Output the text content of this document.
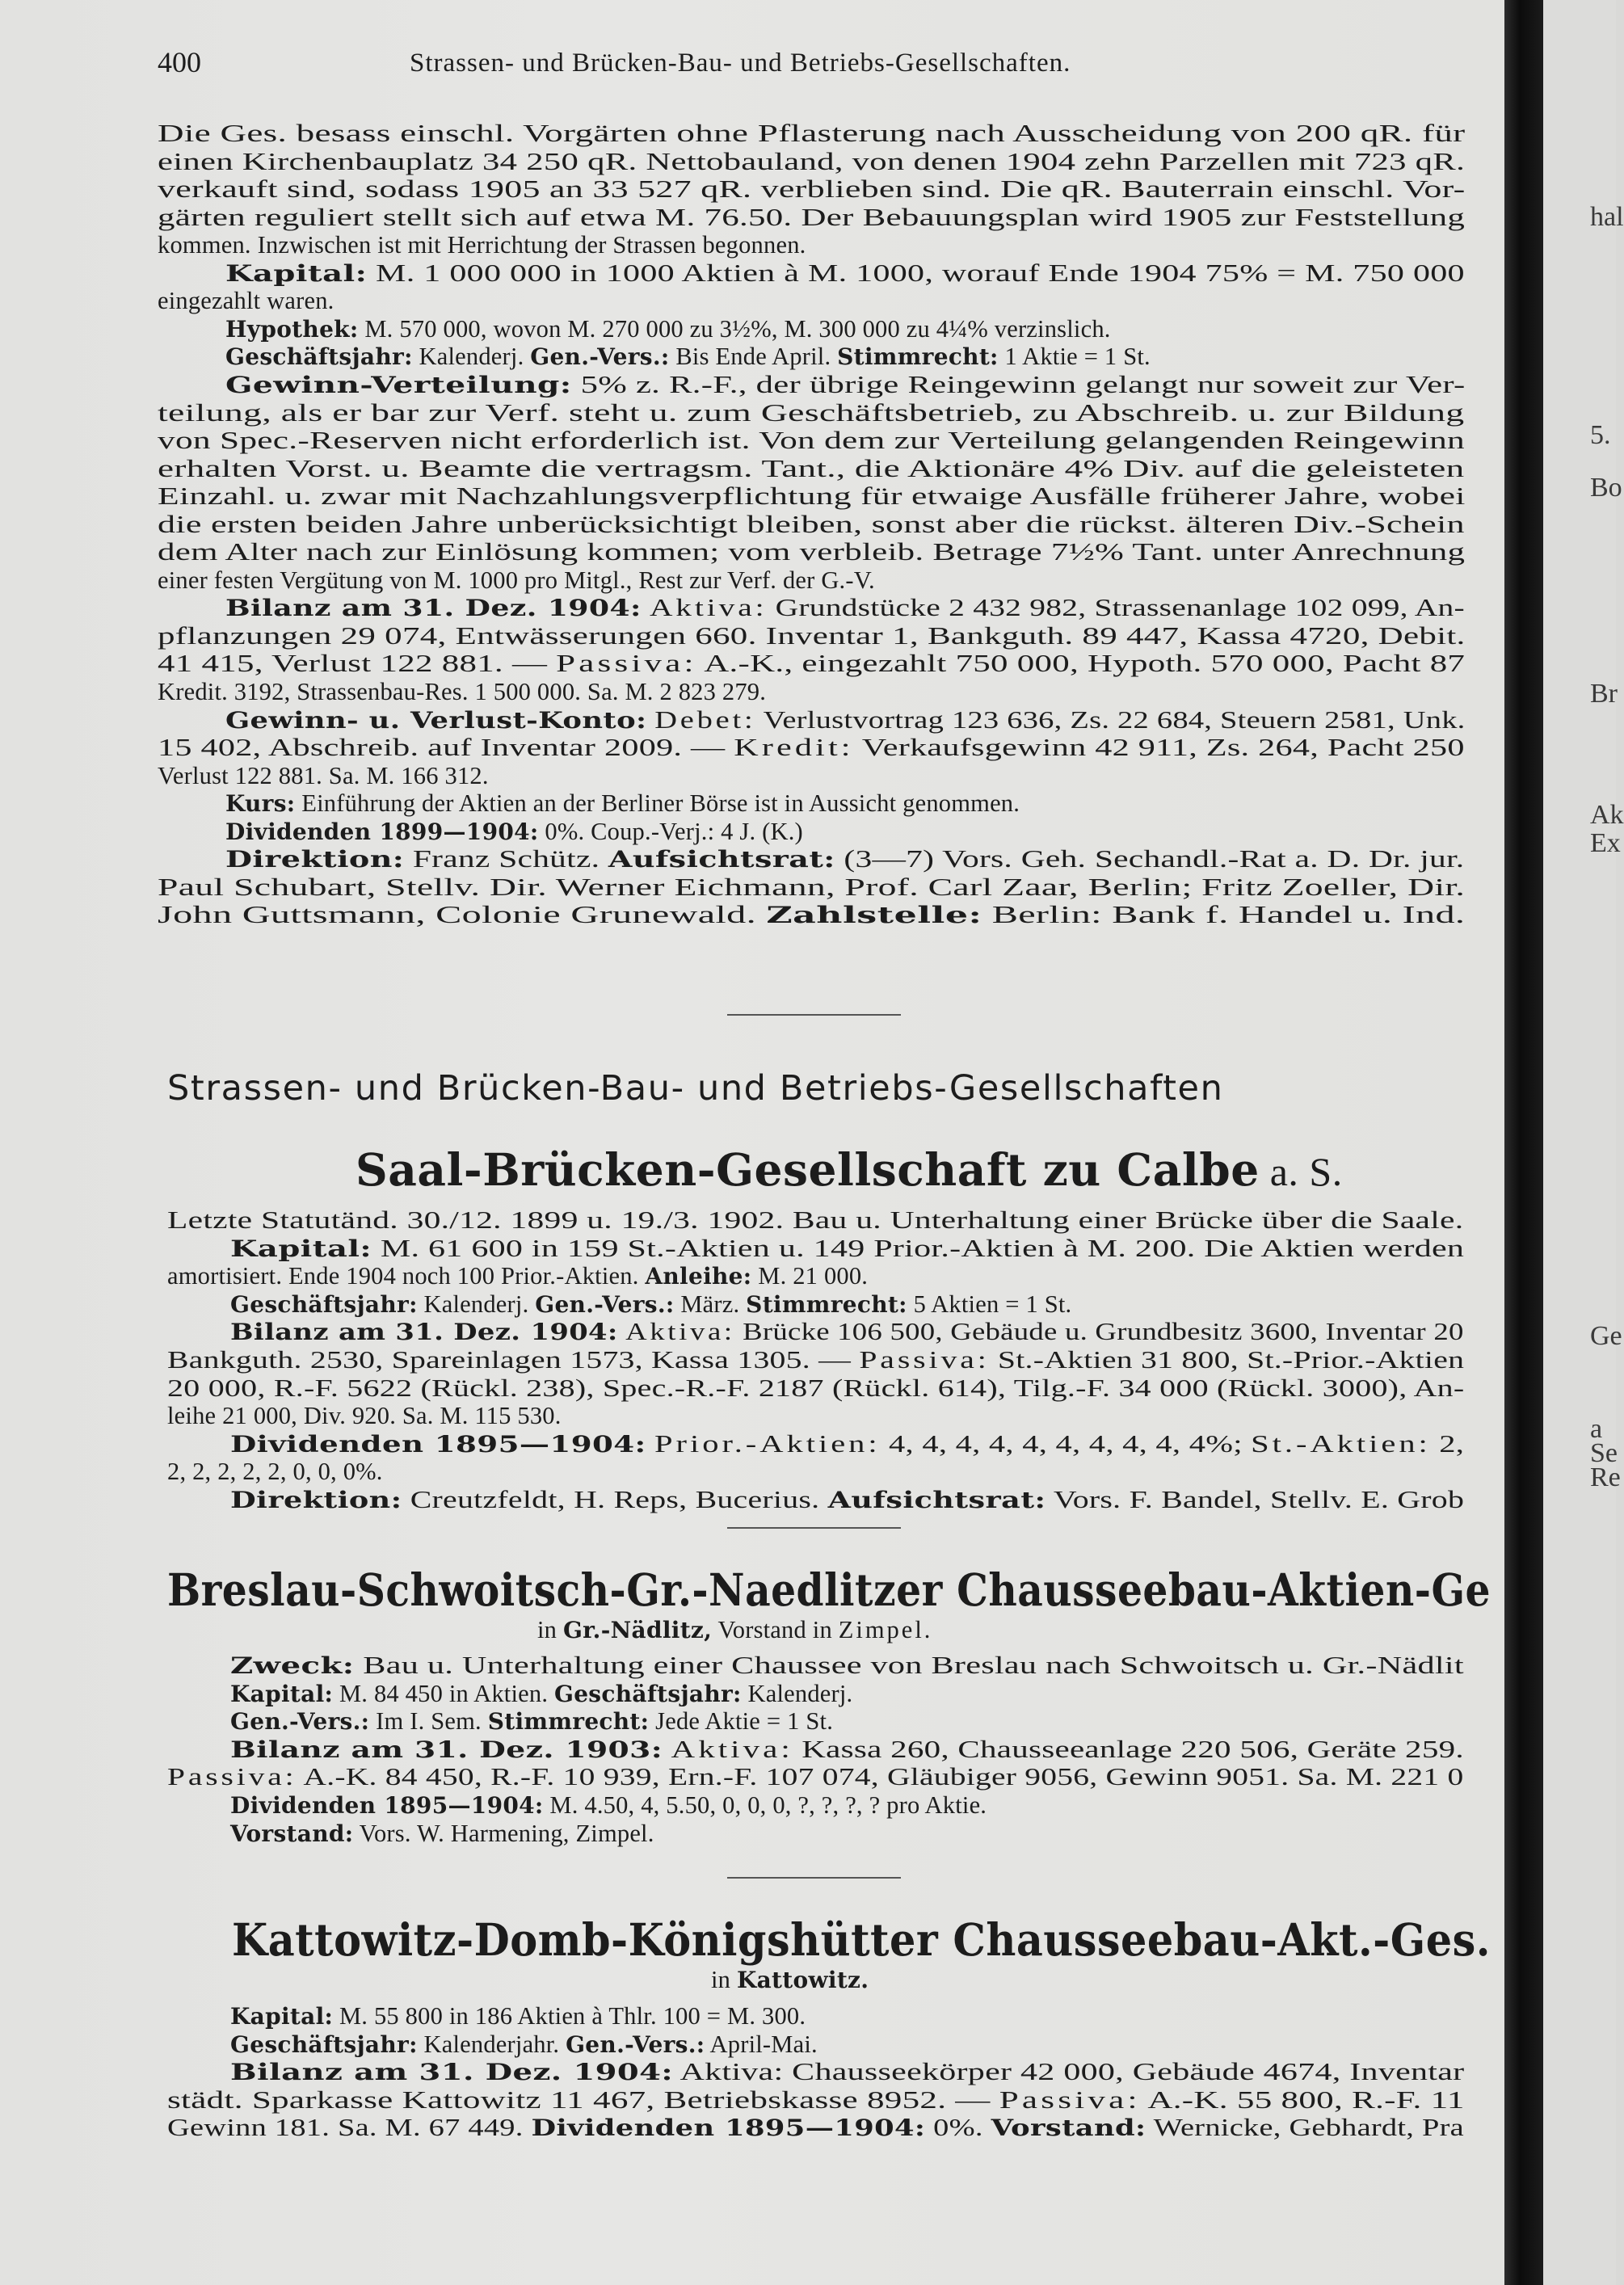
400	Strassen- und Brücken-Bau- und Betriebs-Gesellschaften.
Die Ges. besass einschl. Vorgärten ohne Pflasterung nach Ausscheidung von 200 qR. für
einen Kirchenbauplatz 34 250 qR. Nettobauland, von denen 1904 zehn Parzellen mit 723 qR.
verkauft sind, sodass 1905 an 33 527 qR. verblieben sind. Die qR. Bauterrain einschl. Vor-
gärten reguliert stellt sich auf etwa M. 76.50. Der Bebauungsplan wird 1905 zur Feststellung
kommen. Inzwischen ist mit Herrichtung der Strassen begonnen.
Kapital: M. 1 000 000 in 1000 Aktien à M. 1000, worauf Ende 1904 75% = M. 750 000
eingezahlt waren.
Hypothek: M. 570 000, wovon M. 270 000 zu 3½%, M. 300 000 zu 4¼% verzinslich.
Geschäftsjahr: Kalenderj. Gen.-Vers.: Bis Ende April. Stimmrecht: 1 Aktie = 1 St.
Gewinn-Verteilung: 5% z. R.-F., der übrige Reingewinn gelangt nur soweit zur Ver-
teilung, als er bar zur Verf. steht u. zum Geschäftsbetrieb, zu Abschreib. u. zur Bildung
von Spec.-Reserven nicht erforderlich ist. Von dem zur Verteilung gelangenden Reingewinn
erhalten Vorst. u. Beamte die vertragsm. Tant., die Aktionäre 4% Div. auf die geleisteten
Einzahl. u. zwar mit Nachzahlungsverpflichtung für etwaige Ausfälle früherer Jahre, wobei
die ersten beiden Jahre unberücksichtigt bleiben, sonst aber die rückst. älteren Div.-Schein
dem Alter nach zur Einlösung kommen; vom verbleib. Betrage 7½% Tant. unter Anrechnung
einer festen Vergütung von M. 1000 pro Mitgl., Rest zur Verf. der G.-V.
Bilanz am 31. Dez. 1904: Aktiva: Grundstücke 2 432 982, Strassenanlage 102 099, An-
pflanzungen 29 074, Entwässerungen 660. Inventar 1, Bankguth. 89 447, Kassa 4720, Debit.
41 415, Verlust 122 881. — Passiva: A.-K., eingezahlt 750 000, Hypoth. 570 000, Pacht 87
Kredit. 3192, Strassenbau-Res. 1 500 000. Sa. M. 2 823 279.
Gewinn- u. Verlust-Konto: Debet: Verlustvortrag 123 636, Zs. 22 684, Steuern 2581, Unk.
15 402, Abschreib. auf Inventar 2009. — Kredit: Verkaufsgewinn 42 911, Zs. 264, Pacht 250
Verlust 122 881. Sa. M. 166 312.
Kurs: Einführung der Aktien an der Berliner Börse ist in Aussicht genommen.
Dividenden 1899—1904: 0%. Coup.-Verj.: 4 J. (K.)
Direktion: Franz Schütz. Aufsichtsrat: (3—7) Vors. Geh. Sechandl.-Rat a. D. Dr. jur.
Paul Schubart, Stellv. Dir. Werner Eichmann, Prof. Carl Zaar, Berlin; Fritz Zoeller, Dir.
John Guttsmann, Colonie Grunewald. Zahlstelle: Berlin: Bank f. Handel u. Ind.
Strassen- und Brücken-Bau- und Betriebs-Gesellschaften
Saal-Brücken-Gesellschaft zu Calbe a. S.
Letzte Statutänd. 30./12. 1899 u. 19./3. 1902. Bau u. Unterhaltung einer Brücke über die Saale.
Kapital: M. 61 600 in 159 St.-Aktien u. 149 Prior.-Aktien à M. 200. Die Aktien werden
amortisiert. Ende 1904 noch 100 Prior.-Aktien. Anleihe: M. 21 000.
Geschäftsjahr: Kalenderj. Gen.-Vers.: März. Stimmrecht: 5 Aktien = 1 St.
Bilanz am 31. Dez. 1904: Aktiva: Brücke 106 500, Gebäude u. Grundbesitz 3600, Inventar 20
Bankguth. 2530, Spareinlagen 1573, Kassa 1305. — Passiva: St.-Aktien 31 800, St.-Prior.-Aktien
20 000, R.-F. 5622 (Rückl. 238), Spec.-R.-F. 2187 (Rückl. 614), Tilg.-F. 34 000 (Rückl. 3000), An-
leihe 21 000, Div. 920. Sa. M. 115 530.
Dividenden 1895—1904: Prior.-Aktien: 4, 4, 4, 4, 4, 4, 4, 4, 4, 4%; St.-Aktien: 2,
2, 2, 2, 2, 2, 0, 0, 0%.
Direktion: Creutzfeldt, H. Reps, Bucerius. Aufsichtsrat: Vors. F. Bandel, Stellv. E. Grob
Breslau-Schwoitsch-Gr.-Naedlitzer Chausseebau-Aktien-Ge
in Gr.-Nädlitz, Vorstand in Zimpel.
Zweck: Bau u. Unterhaltung einer Chaussee von Breslau nach Schwoitsch u. Gr.-Nädlit
Kapital: M. 84 450 in Aktien. Geschäftsjahr: Kalenderj.
Gen.-Vers.: Im I. Sem. Stimmrecht: Jede Aktie = 1 St.
Bilanz am 31. Dez. 1903: Aktiva: Kassa 260, Chausseeanlage 220 506, Geräte 259.
Passiva: A.-K. 84 450, R.-F. 10 939, Ern.-F. 107 074, Gläubiger 9056, Gewinn 9051. Sa. M. 221 0
Dividenden 1895—1904: M. 4.50, 4, 5.50, 0, 0, 0, ?, ?, ?, ? pro Aktie.
Vorstand: Vors. W. Harmening, Zimpel.
Kattowitz-Domb-Königshütter Chausseebau-Akt.-Ges.
in Kattowitz.
Kapital: M. 55 800 in 186 Aktien à Thlr. 100 = M. 300.
Geschäftsjahr: Kalenderjahr. Gen.-Vers.: April-Mai.
Bilanz am 31. Dez. 1904: Aktiva: Chausseekörper 42 000, Gebäude 4674, Inventar
städt. Sparkasse Kattowitz 11 467, Betriebskasse 8952. — Passiva: A.-K. 55 800, R.-F. 11
Gewinn 181. Sa. M. 67 449. Dividenden 1895—1904: 0%. Vorstand: Wernicke, Gebhardt, Pra
hal
5.
Bo
Br
Ak
Ex
Ge
a
Se
Re
